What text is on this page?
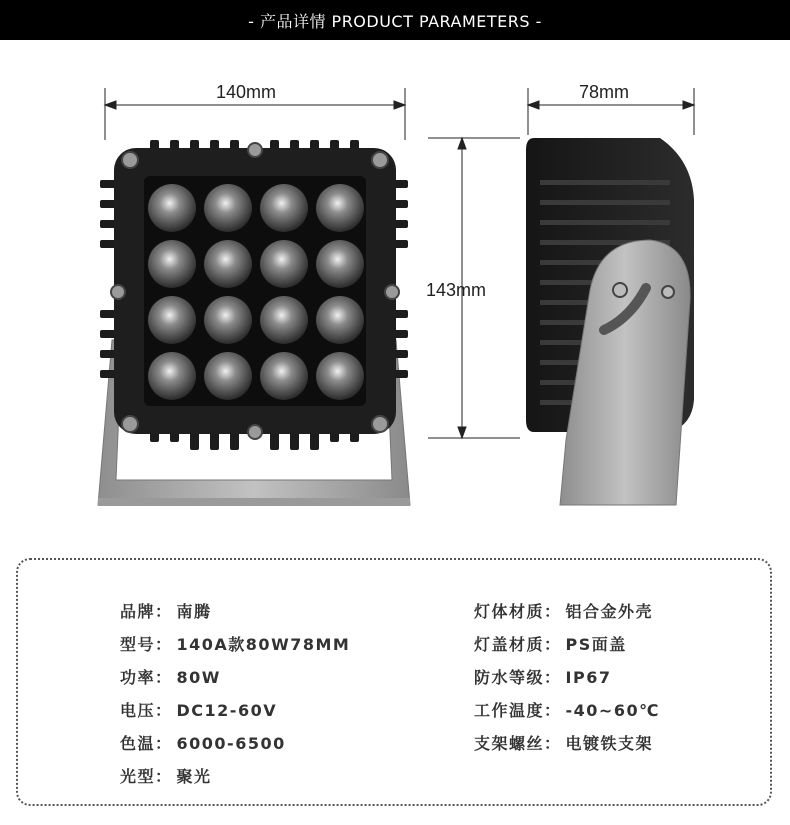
- 产品详情 PRODUCT PARAMETERS -
140mm	78mm
143mm
品牌： 南腾
型号： 140A款80W78MM
功率： 80W
电压： DC12-60V
色温： 6000-6500
光型： 聚光
灯体材质： 铝合金外壳
灯盖材质： PS面盖
防水等级： IP67
工作温度： -40~60℃
支架螺丝： 电镀铁支架
